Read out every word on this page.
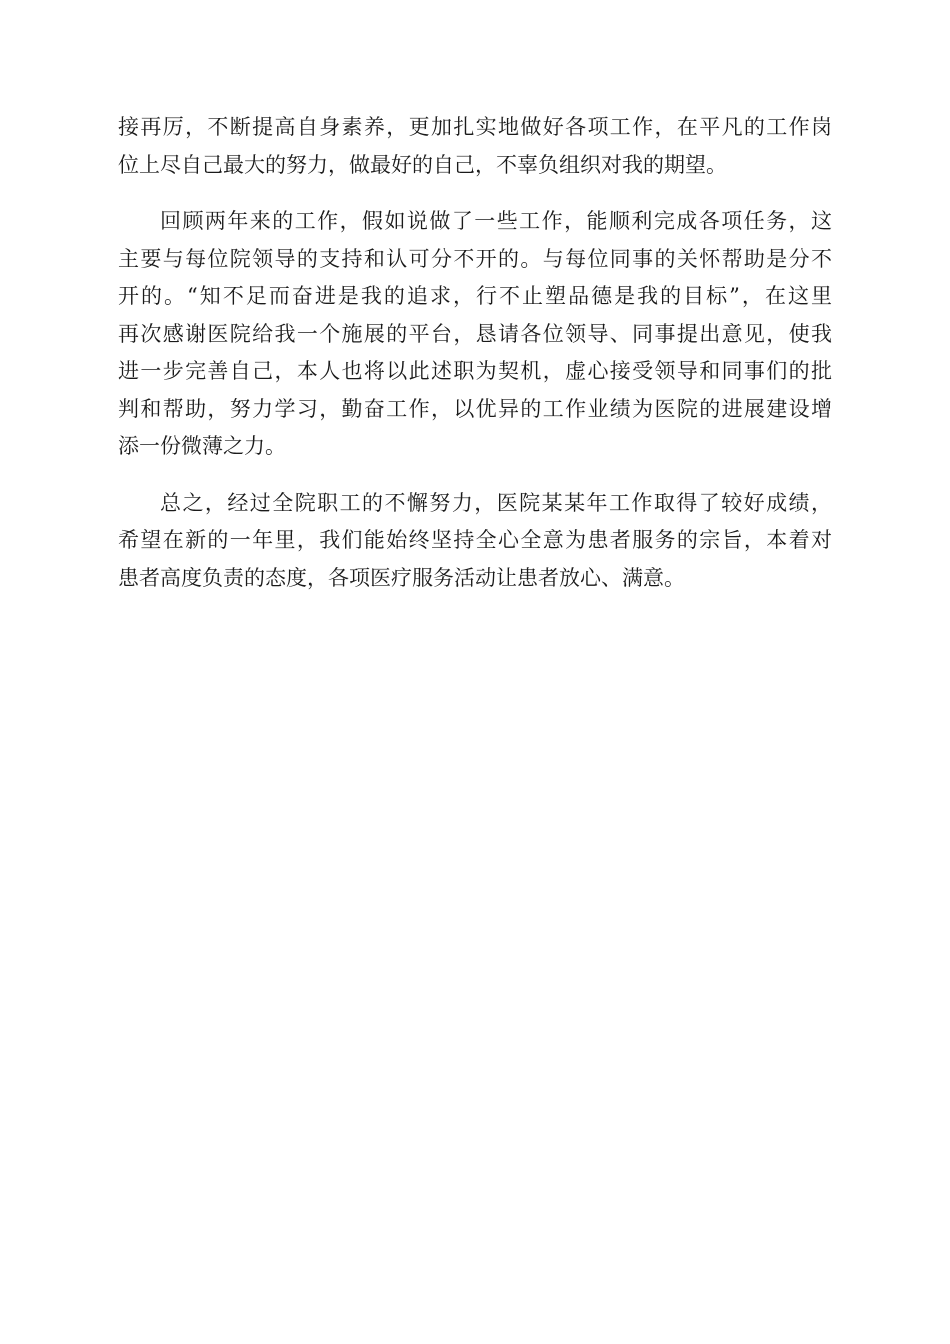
接再厉，不断提高自身素养，更加扎实地做好各项工作，在平凡的工作岗
位上尽自己最大的努力，做最好的自己，不辜负组织对我的期望。

回顾两年来的工作，假如说做了一些工作，能顺利完成各项任务，这
主要与每位院领导的支持和认可分不开的。与每位同事的关怀帮助是分不
开的。“知不足而奋进是我的追求，行不止塑品德是我的目标”，在这里
再次感谢医院给我一个施展的平台，恳请各位领导、同事提出意见，使我
进一步完善自己，本人也将以此述职为契机，虚心接受领导和同事们的批
判和帮助，努力学习，勤奋工作，以优异的工作业绩为医院的进展建设增
添一份微薄之力。

总之，经过全院职工的不懈努力，医院某某年工作取得了较好成绩，
希望在新的一年里，我们能始终坚持全心全意为患者服务的宗旨，本着对
患者高度负责的态度，各项医疗服务活动让患者放心、满意。
